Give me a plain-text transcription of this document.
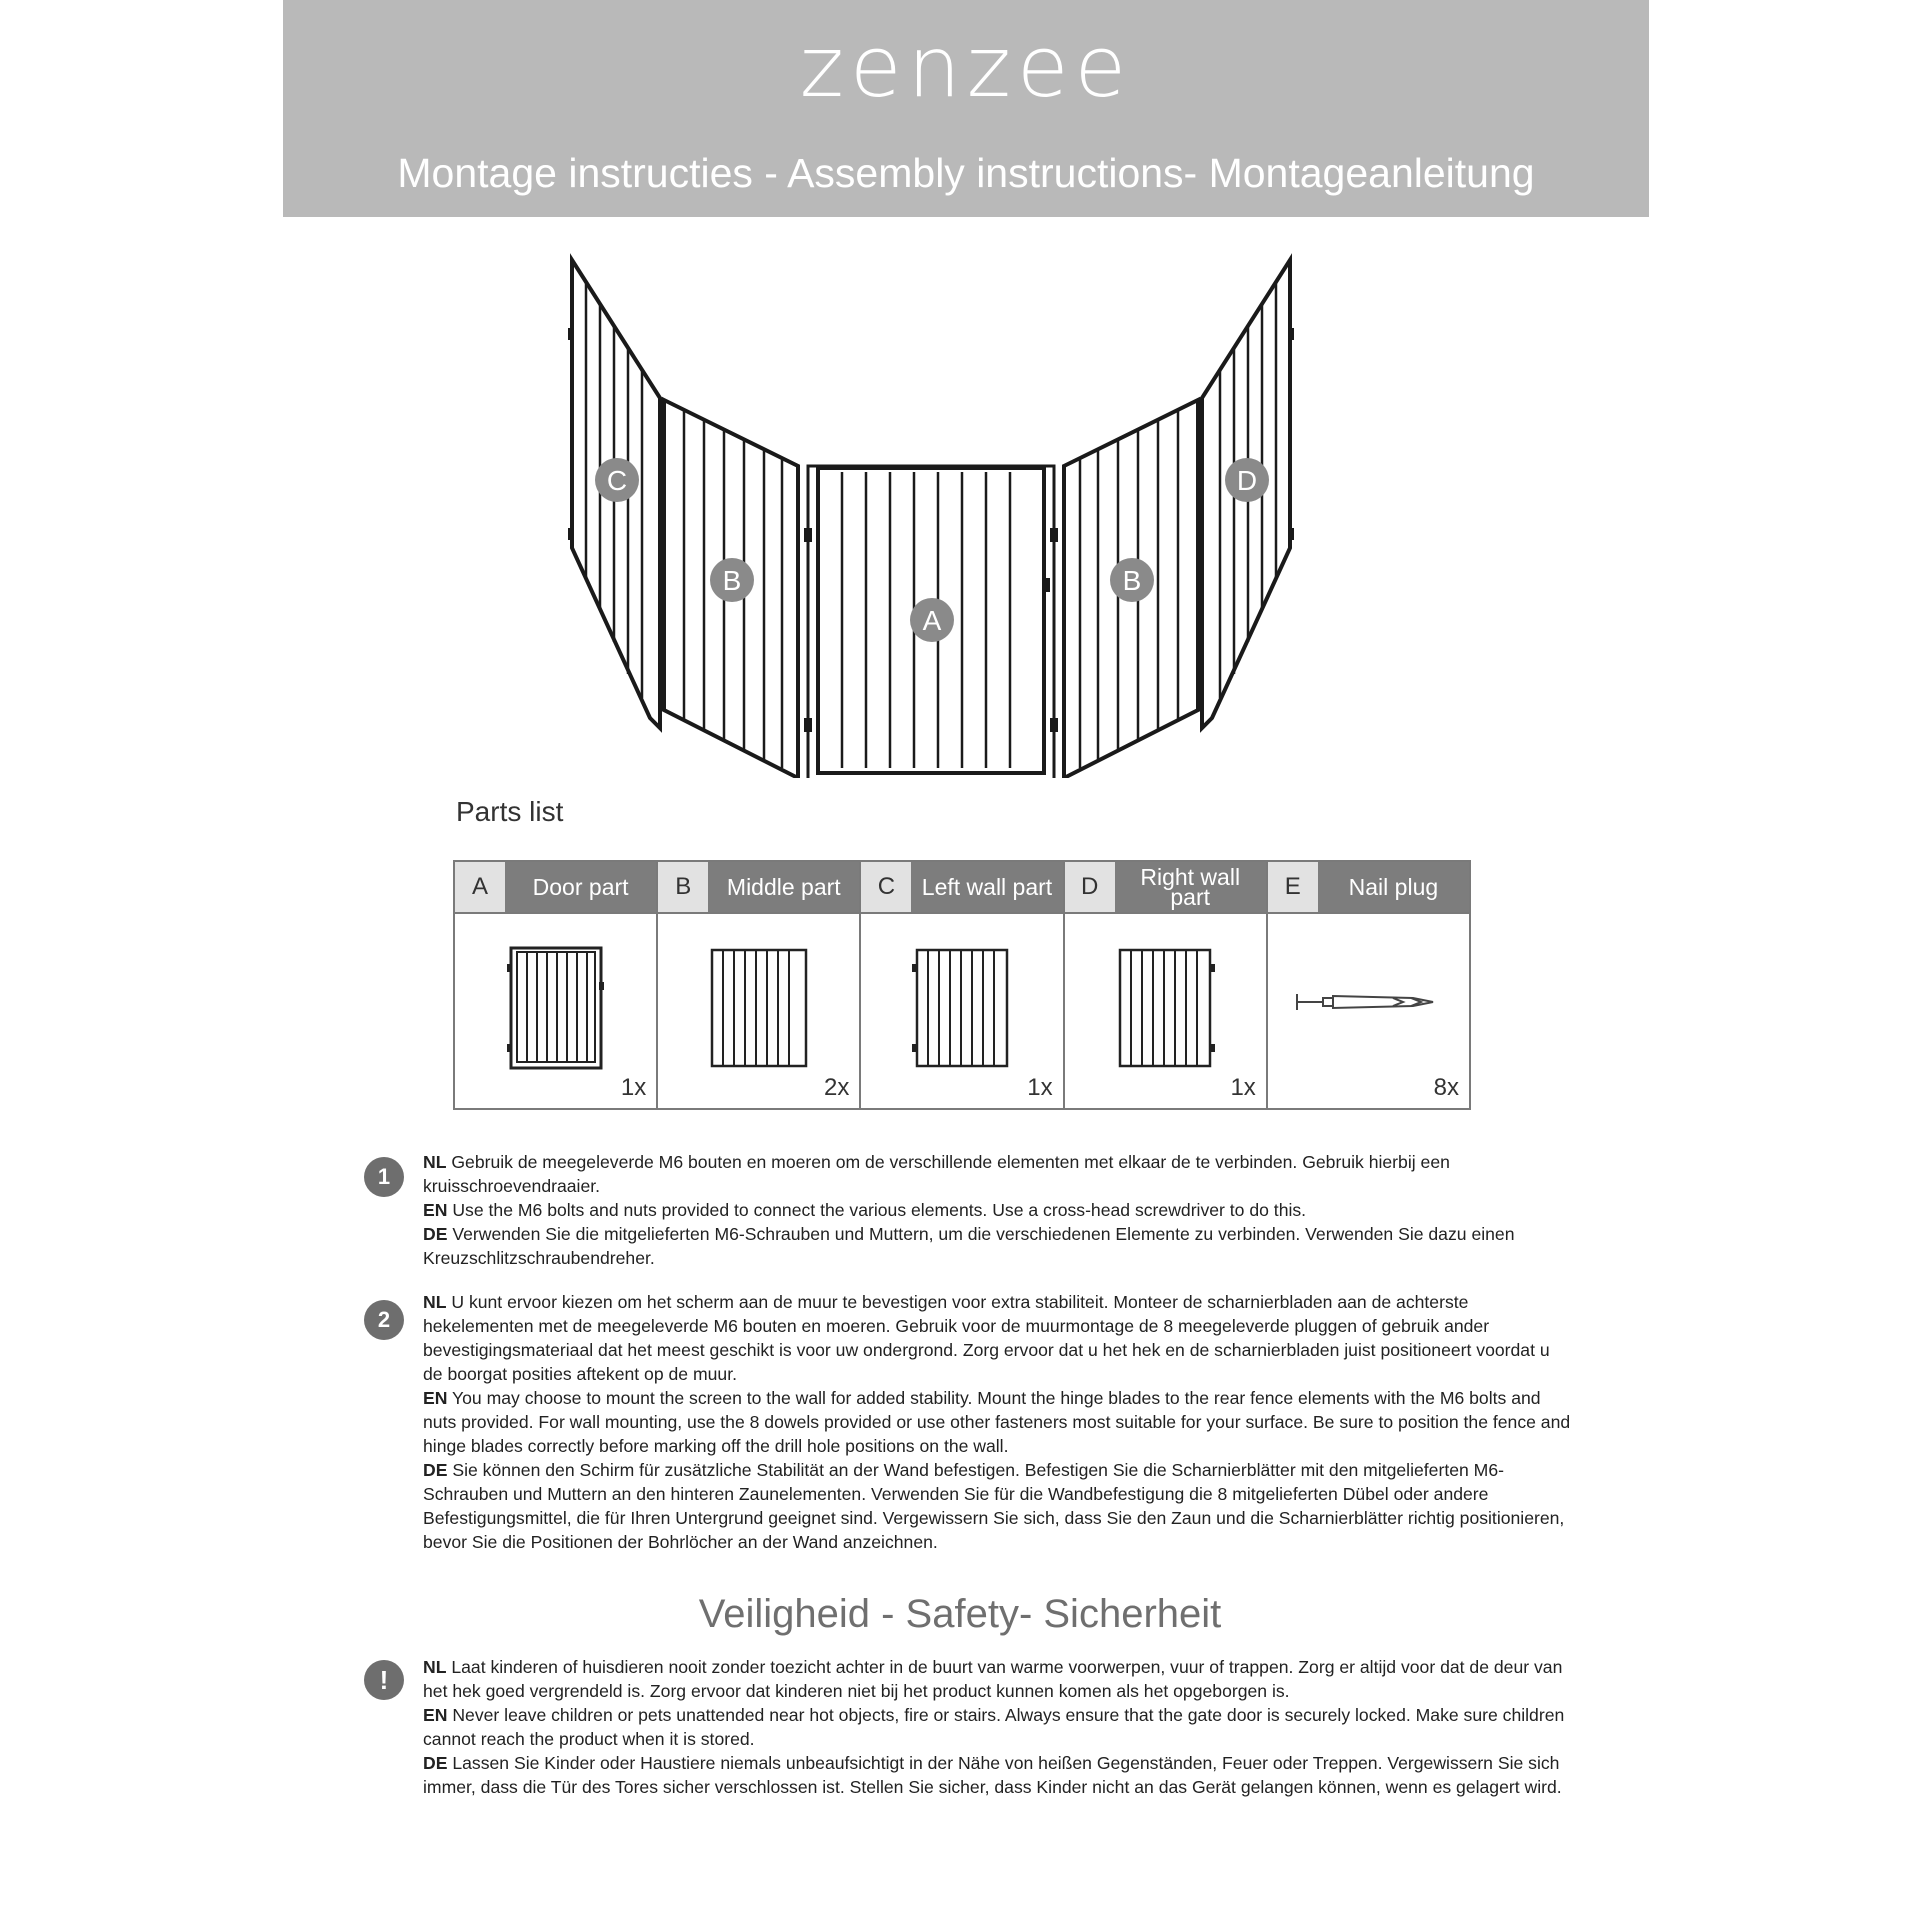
zenzee
Montage instructies - Assembly instructions- Montageanleitung
C
B
A
B
D
Parts list
A	Door part
1x
B	Middle part
2x
C	Left wall part
1x
D	Right wall part
1x
E	Nail plug
8x
1

NL Gebruik de meegeleverde M6 bouten en moeren om de verschillende elementen met elkaar de te verbinden. Gebruik hierbij een kruisschroevendraaier.

EN Use the M6 bolts and nuts provided to connect the various elements. Use a cross-head screwdriver to do this.

DE Verwenden Sie die mitgelieferten M6-Schrauben und Muttern, um die verschiedenen Elemente zu verbinden. Verwenden Sie dazu einen Kreuzschlitzschraubendreher.

2

NL U kunt ervoor kiezen om het scherm aan de muur te bevestigen voor extra stabiliteit. Monteer de scharnierbladen aan de achterste hekelementen met de meegeleverde M6 bouten en moeren. Gebruik voor de muurmontage de 8 meegeleverde pluggen of gebruik ander bevestigingsmateriaal dat het meest geschikt is voor uw ondergrond. Zorg ervoor dat u het hek en de scharnierbladen juist positioneert voordat u de boorgat posities aftekent op de muur.

EN You may choose to mount the screen to the wall for added stability. Mount the hinge blades to the rear fence elements with the M6 bolts and nuts provided. For wall mounting, use the 8 dowels provided or use other fasteners most suitable for your surface. Be sure to position the fence and hinge blades correctly before marking off the drill hole positions on the wall.

DE Sie können den Schirm für zusätzliche Stabilität an der Wand befestigen. Befestigen Sie die Scharnierblätter mit den mitgelieferten M6-Schrauben und Muttern an den hinteren Zaunelementen. Verwenden Sie für die Wandbefestigung die 8 mitgelieferten Dübel oder andere Befestigungsmittel, die für Ihren Untergrund geeignet sind. Vergewissern Sie sich, dass Sie den Zaun und die Scharnierblätter richtig positionieren, bevor Sie die Positionen der Bohrlöcher an der Wand anzeichnen.

Veiligheid - Safety- Sicherheit
!	NL Laat kinderen of huisdieren nooit zonder toezicht achter in de buurt van warme voorwerpen, vuur of trappen. Zorg er altijd voor dat de deur van het hek goed vergrendeld is. Zorg ervoor dat kinderen niet bij het product kunnen komen als het opgeborgen is.

EN Never leave children or pets unattended near hot objects, fire or stairs. Always ensure that the gate door is securely locked. Make sure children cannot reach the product when it is stored.

DE Lassen Sie Kinder oder Haustiere niemals unbeaufsichtigt in der Nähe von heißen Gegenständen, Feuer oder Treppen. Vergewissern Sie sich immer, dass die Tür des Tores sicher verschlossen ist. Stellen Sie sicher, dass Kinder nicht an das Gerät gelangen können, wenn es gelagert wird.
